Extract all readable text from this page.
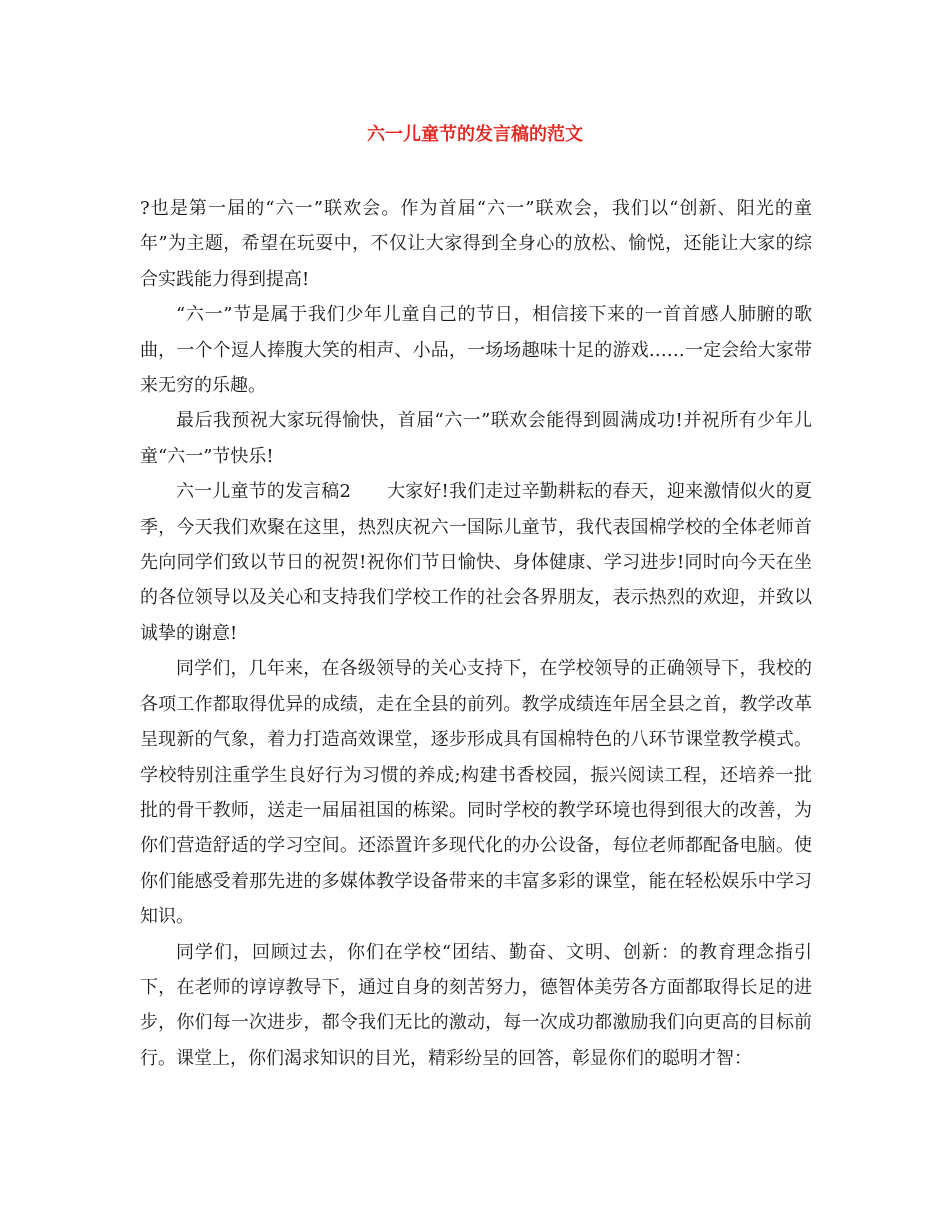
六一儿童节的发言稿的范文

?也是第一届的“六一”联欢会。作为首届“六一”联欢会，我们以“创新、阳光的童年”为主题，希望在玩耍中，不仅让大家得到全身心的放松、愉悦，还能让大家的综合实践能力得到提高!

“六一”节是属于我们少年儿童自己的节日，相信接下来的一首首感人肺腑的歌曲，一个个逗人捧腹大笑的相声、小品，一场场趣味十足的游戏……一定会给大家带来无穷的乐趣。

最后我预祝大家玩得愉快，首届“六一”联欢会能得到圆满成功!并祝所有少年儿童“六一”节快乐!

六一儿童节的发言稿2 大家好!我们走过辛勤耕耘的春天，迎来激情似火的夏季，今天我们欢聚在这里，热烈庆祝六一国际儿童节，我代表国棉学校的全体老师首先向同学们致以节日的祝贺!祝你们节日愉快、身体健康、学习进步!同时向今天在坐的各位领导以及关心和支持我们学校工作的社会各界朋友，表示热烈的欢迎，并致以诚挚的谢意!

同学们，几年来，在各级领导的关心支持下，在学校领导的正确领导下，我校的各项工作都取得优异的成绩，走在全县的前列。教学成绩连年居全县之首，教学改革呈现新的气象，着力打造高效课堂，逐步形成具有国棉特色的八环节课堂教学模式。学校特别注重学生良好行为习惯的养成;构建书香校园，振兴阅读工程，还培养一批批的骨干教师，送走一届届祖国的栋梁。同时学校的教学环境也得到很大的改善，为你们营造舒适的学习空间。还添置许多现代化的办公设备，每位老师都配备电脑。使你们能感受着那先进的多媒体教学设备带来的丰富多彩的课堂，能在轻松娱乐中学习知识。

同学们，回顾过去，你们在学校“团结、勤奋、文明、创新：的教育理念指引下，在老师的谆谆教导下，通过自身的刻苦努力，德智体美劳各方面都取得长足的进步，你们每一次进步，都令我们无比的激动，每一次成功都激励我们向更高的目标前行。课堂上，你们渴求知识的目光，精彩纷呈的回答，彰显你们的聪明才智：
